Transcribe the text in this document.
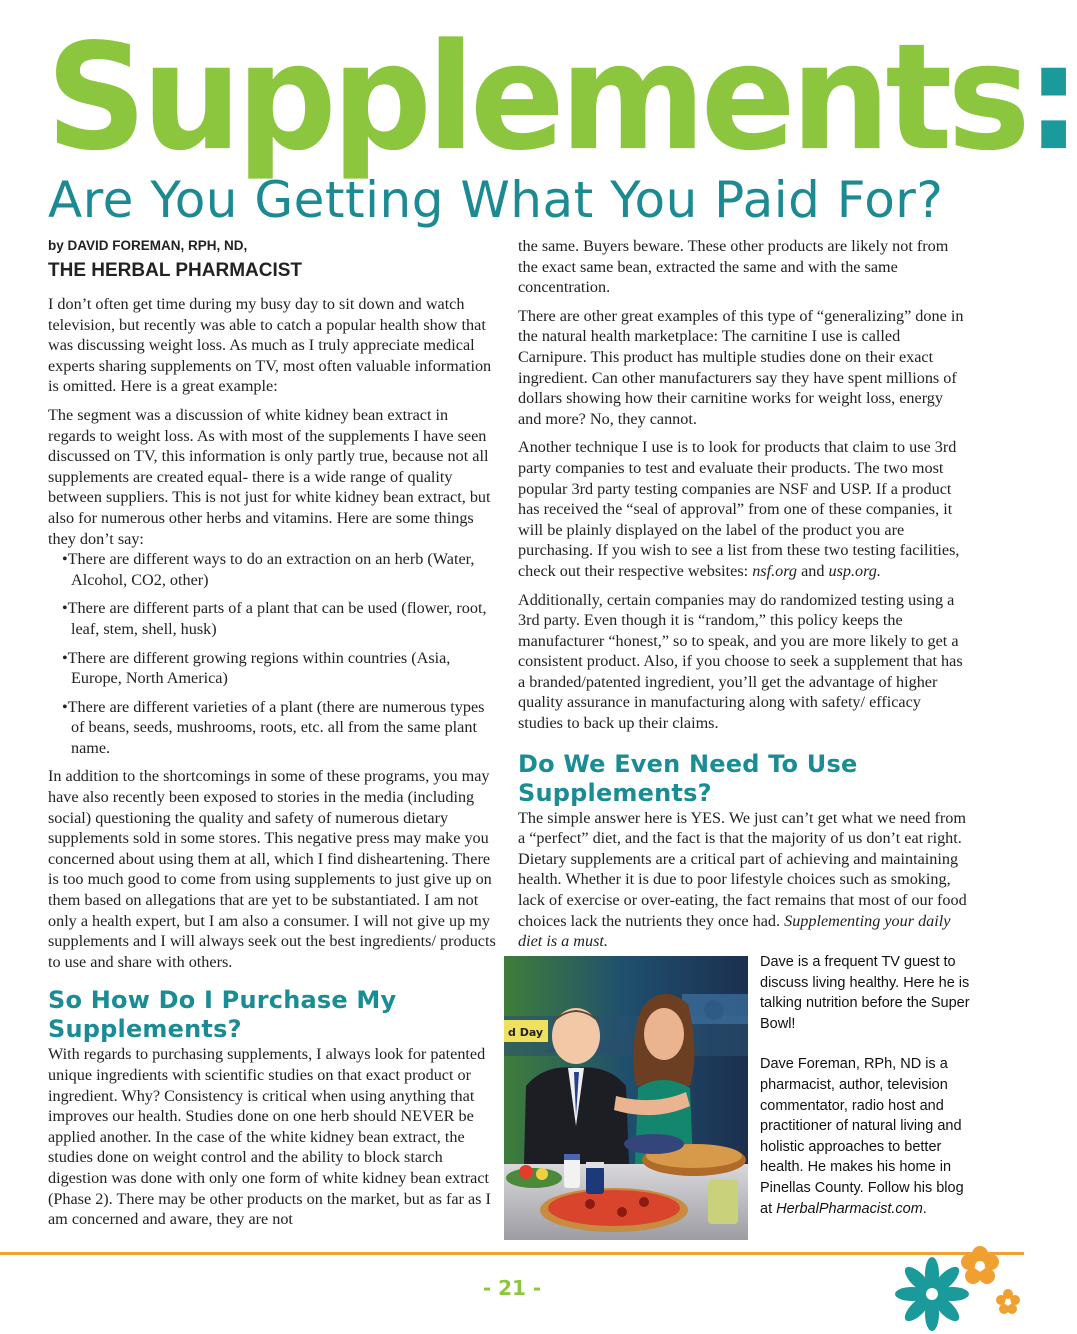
Supplements:
Are You Getting What You Paid For?
by DAVID FOREMAN, RPH, ND,
THE HERBAL PHARMACIST

I don’t often get time during my busy day to sit down and watch television, but recently was able to catch a popular health show that was discussing weight loss. As much as I truly appreciate medical experts sharing supplements on TV, most often valuable information is omitted. Here is a great example:

The segment was a discussion of white kidney bean extract in regards to weight loss. As with most of the supplements I have seen discussed on TV, this information is only partly true, because not all supplements are created equal- there is a wide range of quality between suppliers. This is not just for white kidney bean extract, but also for numerous other herbs and vitamins. Here are some things they don’t say:

• There are different ways to do an extraction on an herb (Water, Alcohol, CO2, other)
• There are different parts of a plant that can be used (flower, root, leaf, stem, shell, husk)
• There are different growing regions within countries (Asia, Europe, North America)
• There are different varieties of a plant (there are numerous types of beans, seeds, mushrooms, roots, etc. all from the same plant name.

In addition to the shortcomings in some of these programs, you may have also recently been exposed to stories in the media (including social) questioning the quality and safety of numerous dietary supplements sold in some stores. This negative press may make you concerned about using them at all, which I find disheartening. There is too much good to come from using supplements to just give up on them based on allegations that are yet to be substantiated. I am not only a health expert, but I am also a consumer. I will not give up my supplements and I will always seek out the best ingredients/ products to use and share with others.

So How Do I Purchase My Supplements?

With regards to purchasing supplements, I always look for patented unique ingredients with scientific studies on that exact product or ingredient. Why? Consistency is critical when using anything that improves our health. Studies done on one herb should NEVER be applied another. In the case of the white kidney bean extract, the studies done on weight control and the ability to block starch digestion was done with only one form of white kidney bean extract (Phase 2). There may be other products on the market, but as far as I am concerned and aware, they are not

the same. Buyers beware. These other products are likely not from the exact same bean, extracted the same and with the same concentration.

There are other great examples of this type of “generalizing” done in the natural health marketplace: The carnitine I use is called Carnipure. This product has multiple studies done on their exact ingredient. Can other manufacturers say they have spent millions of dollars showing how their carnitine works for weight loss, energy and more? No, they cannot.

Another technique I use is to look for products that claim to use 3rd party companies to test and evaluate their products. The two most popular 3rd party testing companies are NSF and USP. If a product has received the “seal of approval” from one of these companies, it will be plainly displayed on the label of the product you are purchasing. If you wish to see a list from these two testing facilities, check out their respective websites: nsf.org and usp.org.

Additionally, certain companies may do randomized testing using a 3rd party. Even though it is “random,” this policy keeps the manufacturer “honest,” so to speak, and you are more likely to get a consistent product. Also, if you choose to seek a supplement that has a branded/patented ingredient, you’ll get the advantage of higher quality assurance in manufacturing along with safety/ efficacy studies to back up their claims.

Do We Even Need To Use Supplements?

The simple answer here is YES. We just can’t get what we need from a “perfect” diet, and the fact is that the majority of us don’t eat right. Dietary supplements are a critical part of achieving and maintaining health. Whether it is due to poor lifestyle choices such as smoking, lack of exercise or over-eating, the fact remains that most of our food choices lack the nutrients they once had. Supplementing your daily diet is a must.

d Day

Dave is a frequent TV guest to discuss living healthy. Here he is talking nutrition before the Super Bowl!

Dave Foreman, RPh, ND is a pharmacist, author, television commentator, radio host and practitioner of natural living and holistic approaches to better health. He makes his home in Pinellas County. Follow his blog at HerbalPharmacist.com.

- 21 -
